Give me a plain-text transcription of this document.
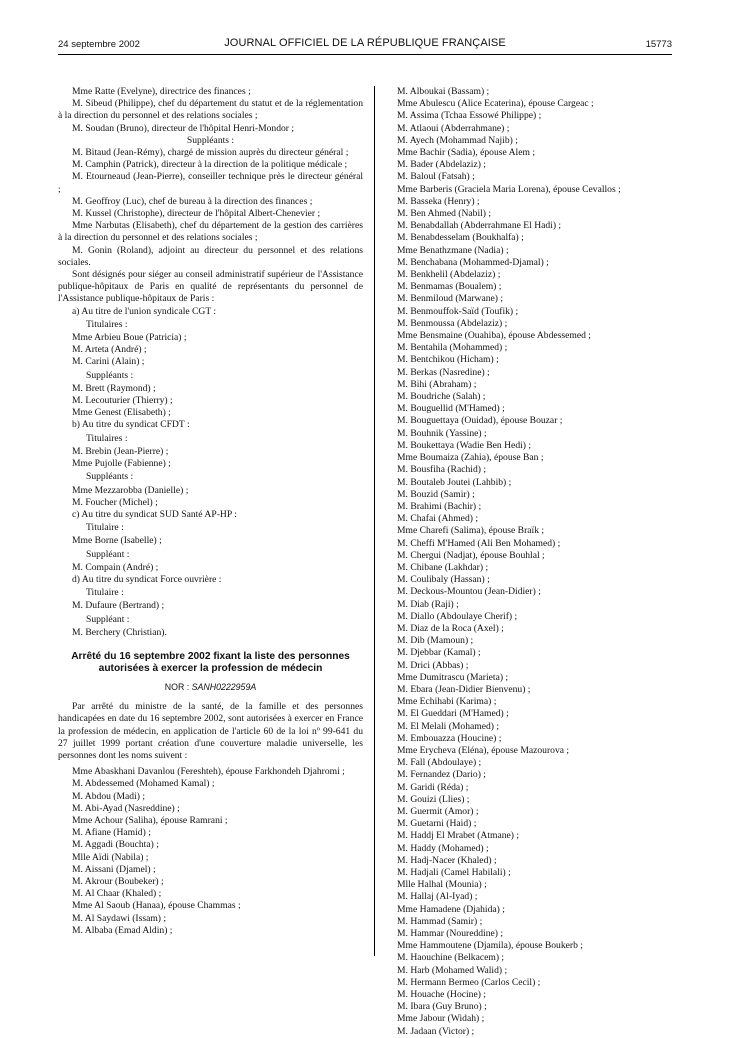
24 septembre 2002	JOURNAL OFFICIEL DE LA RÉPUBLIQUE FRANÇAISE	15773

Mme Ratte (Evelyne), directrice des finances ;

M. Sibeud (Philippe), chef du département du statut et de la réglementation à la direction du personnel et des relations sociales ;

M. Soudan (Bruno), directeur de l'hôpital Henri-Mondor ;

Suppléants :

M. Bitaud (Jean-Rémy), chargé de mission auprès du directeur général ;

M. Camphin (Patrick), directeur à la direction de la politique médicale ;

M. Etourneaud (Jean-Pierre), conseiller technique près le directeur général ;

M. Geoffroy (Luc), chef de bureau à la direction des finances ;

M. Kussel (Christophe), directeur de l'hôpital Albert-Chenevier ;

Mme Narbutas (Elisabeth), chef du département de la gestion des carrières à la direction du personnel et des relations sociales ;

M. Gonin (Roland), adjoint au directeur du personnel et des relations sociales.

Sont désignés pour siéger au conseil administratif supérieur de l'Assistance publique-hôpitaux de Paris en qualité de représentants du personnel de l'Assistance publique-hôpitaux de Paris :

a) Au titre de l'union syndicale CGT :

Titulaires :

Mme Arbieu Boue (Patricia) ;

M. Arteta (André) ;

M. Carini (Alain) ;

Suppléants :

M. Brett (Raymond) ;

M. Lecouturier (Thierry) ;

Mme Genest (Elisabeth) ;

b) Au titre du syndicat CFDT :

Titulaires :

M. Brebin (Jean-Pierre) ;

Mme Pujolle (Fabienne) ;

Suppléants :

Mme Mezzarobba (Danielle) ;

M. Foucher (Michel) ;

c) Au titre du syndicat SUD Santé AP-HP :

Titulaire :

Mme Borne (Isabelle) ;

Suppléant :

M. Compain (André) ;

d) Au titre du syndicat Force ouvrière :

Titulaire :

M. Dufaure (Bertrand) ;

Suppléant :

M. Berchery (Christian).

Arrêté du 16 septembre 2002 fixant la liste des personnes autorisées à exercer la profession de médecin

NOR : SANH0222959A

Par arrêté du ministre de la santé, de la famille et des personnes handicapées en date du 16 septembre 2002, sont autorisées à exercer en France la profession de médecin, en application de l'article 60 de la loi nº 99-641 du 27 juillet 1999 portant création d'une couverture maladie universelle, les personnes dont les noms suivent :

Mme Abaskhani Davanlou (Fereshteh), épouse Farkhondeh Djahromi ;

M. Abdessemed (Mohamed Kamal) ;

M. Abdou (Madi) ;

M. Abi-Ayad (Nasreddine) ;

Mme Achour (Saliha), épouse Ramrani ;

M. Afiane (Hamid) ;

M. Aggadi (Bouchta) ;

Mlle Aïdi (Nabila) ;

M. Aissani (Djamel) ;

M. Akrour (Boubeker) ;

M. Al Chaar (Khaled) ;

Mme Al Saoub (Hanaa), épouse Chammas ;

M. Al Saydawi (Issam) ;

M. Albaba (Emad Aldin) ;

M. Alboukai (Bassam) ;

Mme Abulescu (Alice Ecaterina), épouse Cargeac ;

M. Assima (Tchaa Essowé Philippe) ;

M. Atlaoui (Abderrahmane) ;

M. Ayech (Mohammad Najib) ;

Mme Bachir (Sadia), épouse Alem ;

M. Bader (Abdelaziz) ;

M. Baloul (Fatsah) ;

Mme Barberis (Graciela Maria Lorena), épouse Cevallos ;

M. Basseka (Henry) ;

M. Ben Ahmed (Nabil) ;

M. Benabdallah (Abderrahmane El Hadi) ;

M. Benabdesselam (Boukhalfa) ;

Mme Benathzmane (Nadia) ;

M. Benchabana (Mohammed-Djamal) ;

M. Benkhelil (Abdelaziz) ;

M. Benmamas (Boualem) ;

M. Benmiloud (Marwane) ;

M. Benmouffok-Saïd (Toufik) ;

M. Benmoussa (Abdelaziz) ;

Mme Bensmaine (Ouahiba), épouse Abdessemed ;

M. Bentahila (Mohammed) ;

M. Bentchikou (Hicham) ;

M. Berkas (Nasredine) ;

M. Bihi (Abraham) ;

M. Boudriche (Salah) ;

M. Bouguellid (M'Hamed) ;

M. Bouguettaya (Ouidad), épouse Bouzar ;

M. Bouhnik (Yassine) ;

M. Boukettaya (Wadie Ben Hedi) ;

Mme Boumaiza (Zahia), épouse Ban ;

M. Bousfiha (Rachid) ;

M. Boutaleb Joutei (Lahbib) ;

M. Bouzid (Samir) ;

M. Brahimi (Bachir) ;

M. Chafai (Ahmed) ;

Mme Charefi (Salima), épouse Braïk ;

M. Cheffi M'Hamed (Ali Ben Mohamed) ;

M. Chergui (Nadjat), épouse Bouhlal ;

M. Chibane (Lakhdar) ;

M. Coulibaly (Hassan) ;

M. Deckous-Mountou (Jean-Didier) ;

M. Diab (Raji) ;

M. Diallo (Abdoulaye Cherif) ;

M. Diaz de la Roca (Axel) ;

M. Dib (Mamoun) ;

M. Djebbar (Kamal) ;

M. Drici (Abbas) ;

Mme Dumitrascu (Marieta) ;

M. Ebara (Jean-Didier Bienvenu) ;

Mme Echihabi (Karima) ;

M. El Gueddari (M'Hamed) ;

M. El Melali (Mohamed) ;

M. Embouazza (Houcine) ;

Mme Erycheva (Eléna), épouse Mazourova ;

M. Fall (Abdoulaye) ;

M. Fernandez (Dario) ;

M. Garidi (Réda) ;

M. Gouizi (Llies) ;

M. Guermit (Amor) ;

M. Guetarni (Haid) ;

M. Haddj El Mrabet (Atmane) ;

M. Haddy (Mohamed) ;

M. Hadj-Nacer (Khaled) ;

M. Hadjali (Camel Habilali) ;

Mlle Halhal (Mounia) ;

M. Hallaj (Al-Iyad) ;

Mme Hamadene (Djahida) ;

M. Hammad (Samir) ;

M. Hammar (Noureddine) ;

Mme Hammoutene (Djamila), épouse Boukerb ;

M. Haouchine (Belkacem) ;

M. Harb (Mohamed Walid) ;

M. Hermann Bermeo (Carlos Cecil) ;

M. Houache (Hocine) ;

M. Ibara (Guy Bruno) ;

Mme Jabour (Widah) ;

M. Jadaan (Victor) ;
